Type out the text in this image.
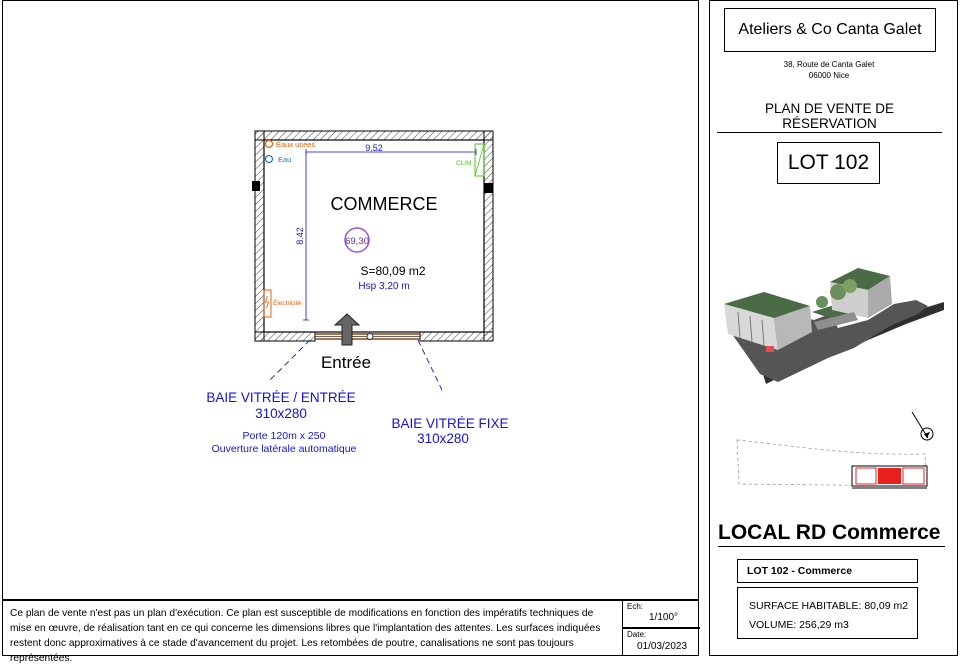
9.52
8.42
Eaux usées
Eau	CLIM
Électricité
COMMERCE
69,30
S=80,09 m2
Hsp 3,20 m
Entrée
BAIE VITRÉE / ENTRÉE
310x280
Porte 120m x 250
Ouverture latérale automatique
BAIE VITRÉE FIXE
310x280
Ce plan de vente n'est pas un plan d'exécution. Ce plan est susceptible de modifications en fonction des impératifs techniques de mise en œuvre, de réalisation tant en ce qui concerne les dimensions libres que l'implantation des attentes. Les surfaces indiquées restent donc approximatives à ce stade d'avancement du projet. Les retombées de poutre, canalisations ne sont pas toujours représentées.
Ech:
1/100°
Date:
01/03/2023
Ateliers & Co Canta Galet
38, Route de Canta Galet
06000 Nice
PLAN DE VENTE DE RÉSERVATION
LOT 102
LOCAL RD Commerce
LOT 102 - Commerce
SURFACE HABITABLE: 80,09 m2
VOLUME: 256,29 m3
